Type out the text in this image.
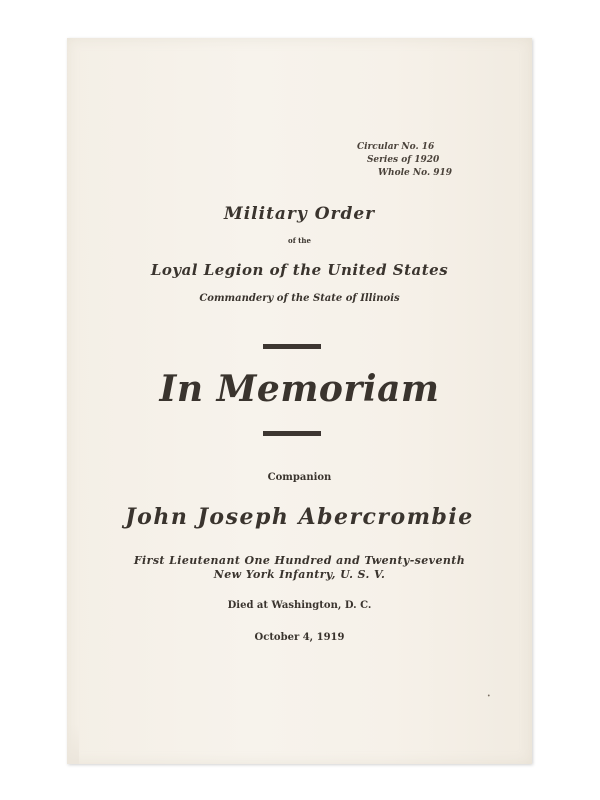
Circular No. 16
Series of 1920
Whole No. 919
Military Order
of the
Loyal Legion of the United States
Commandery of the State of Illinois
In Memoriam
Companion
John Joseph Abercrombie
First Lieutenant One Hundred and Twenty-seventh
New York Infantry, U. S. V.
Died at Washington, D. C.
October 4, 1919
•
